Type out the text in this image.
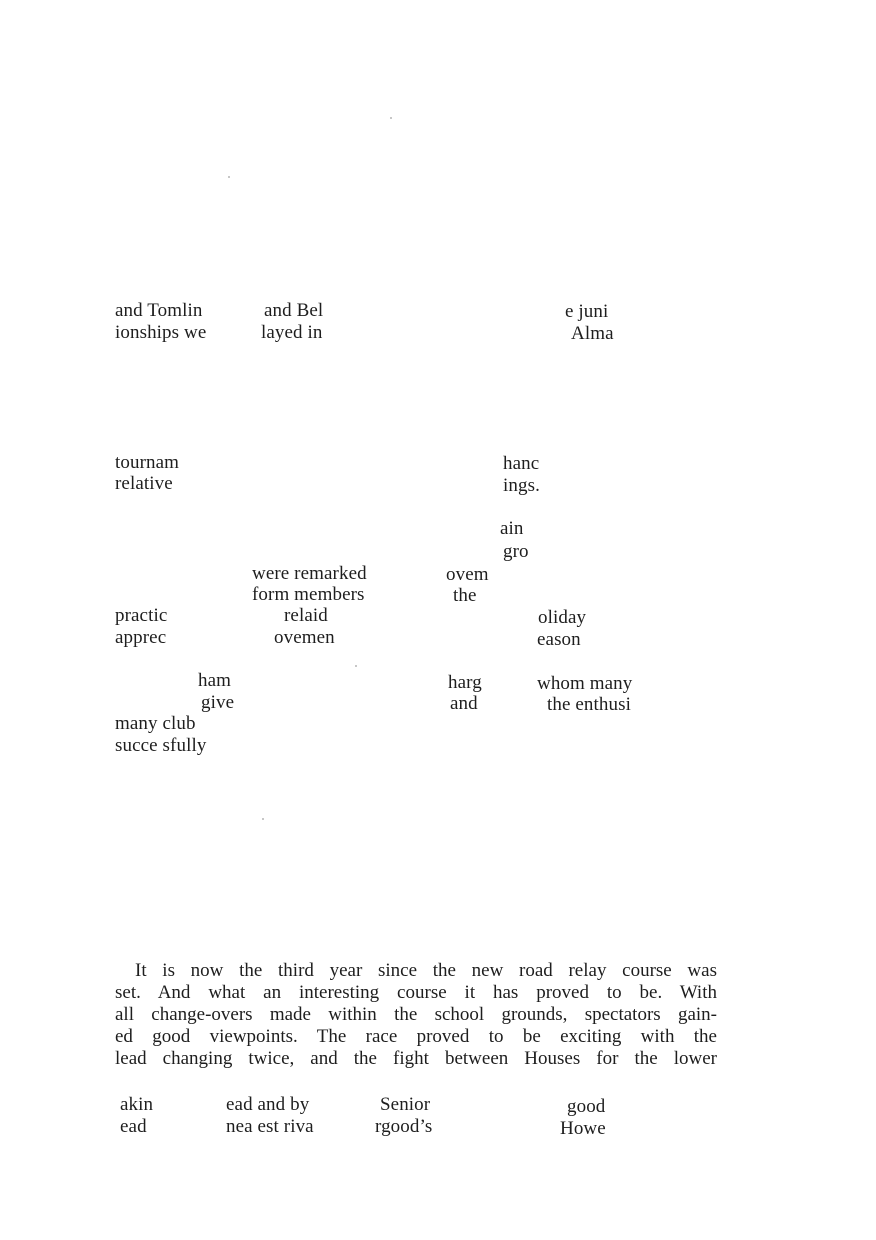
and Tomlin	and Bel	e juni
ionships we	layed in	Alma
tournam	hanc
relative	ings.
ain
gro
were remarked	ovem
form members	the
practic	relaid	oliday
apprec	ovemen	eason
ham	harg	whom many
give	and	the enthusi
many club
succe sfully
It is now the third year since the new road relay course was
set. And what an interesting course it has proved to be. With
all change-overs made within the school grounds, spectators gain-
ed good viewpoints. The race proved to be exciting with the
lead changing twice, and the fight between Houses for the lower
akin	ead and by	Senior	good
ead	nea est riva	rgood’s	Howe
